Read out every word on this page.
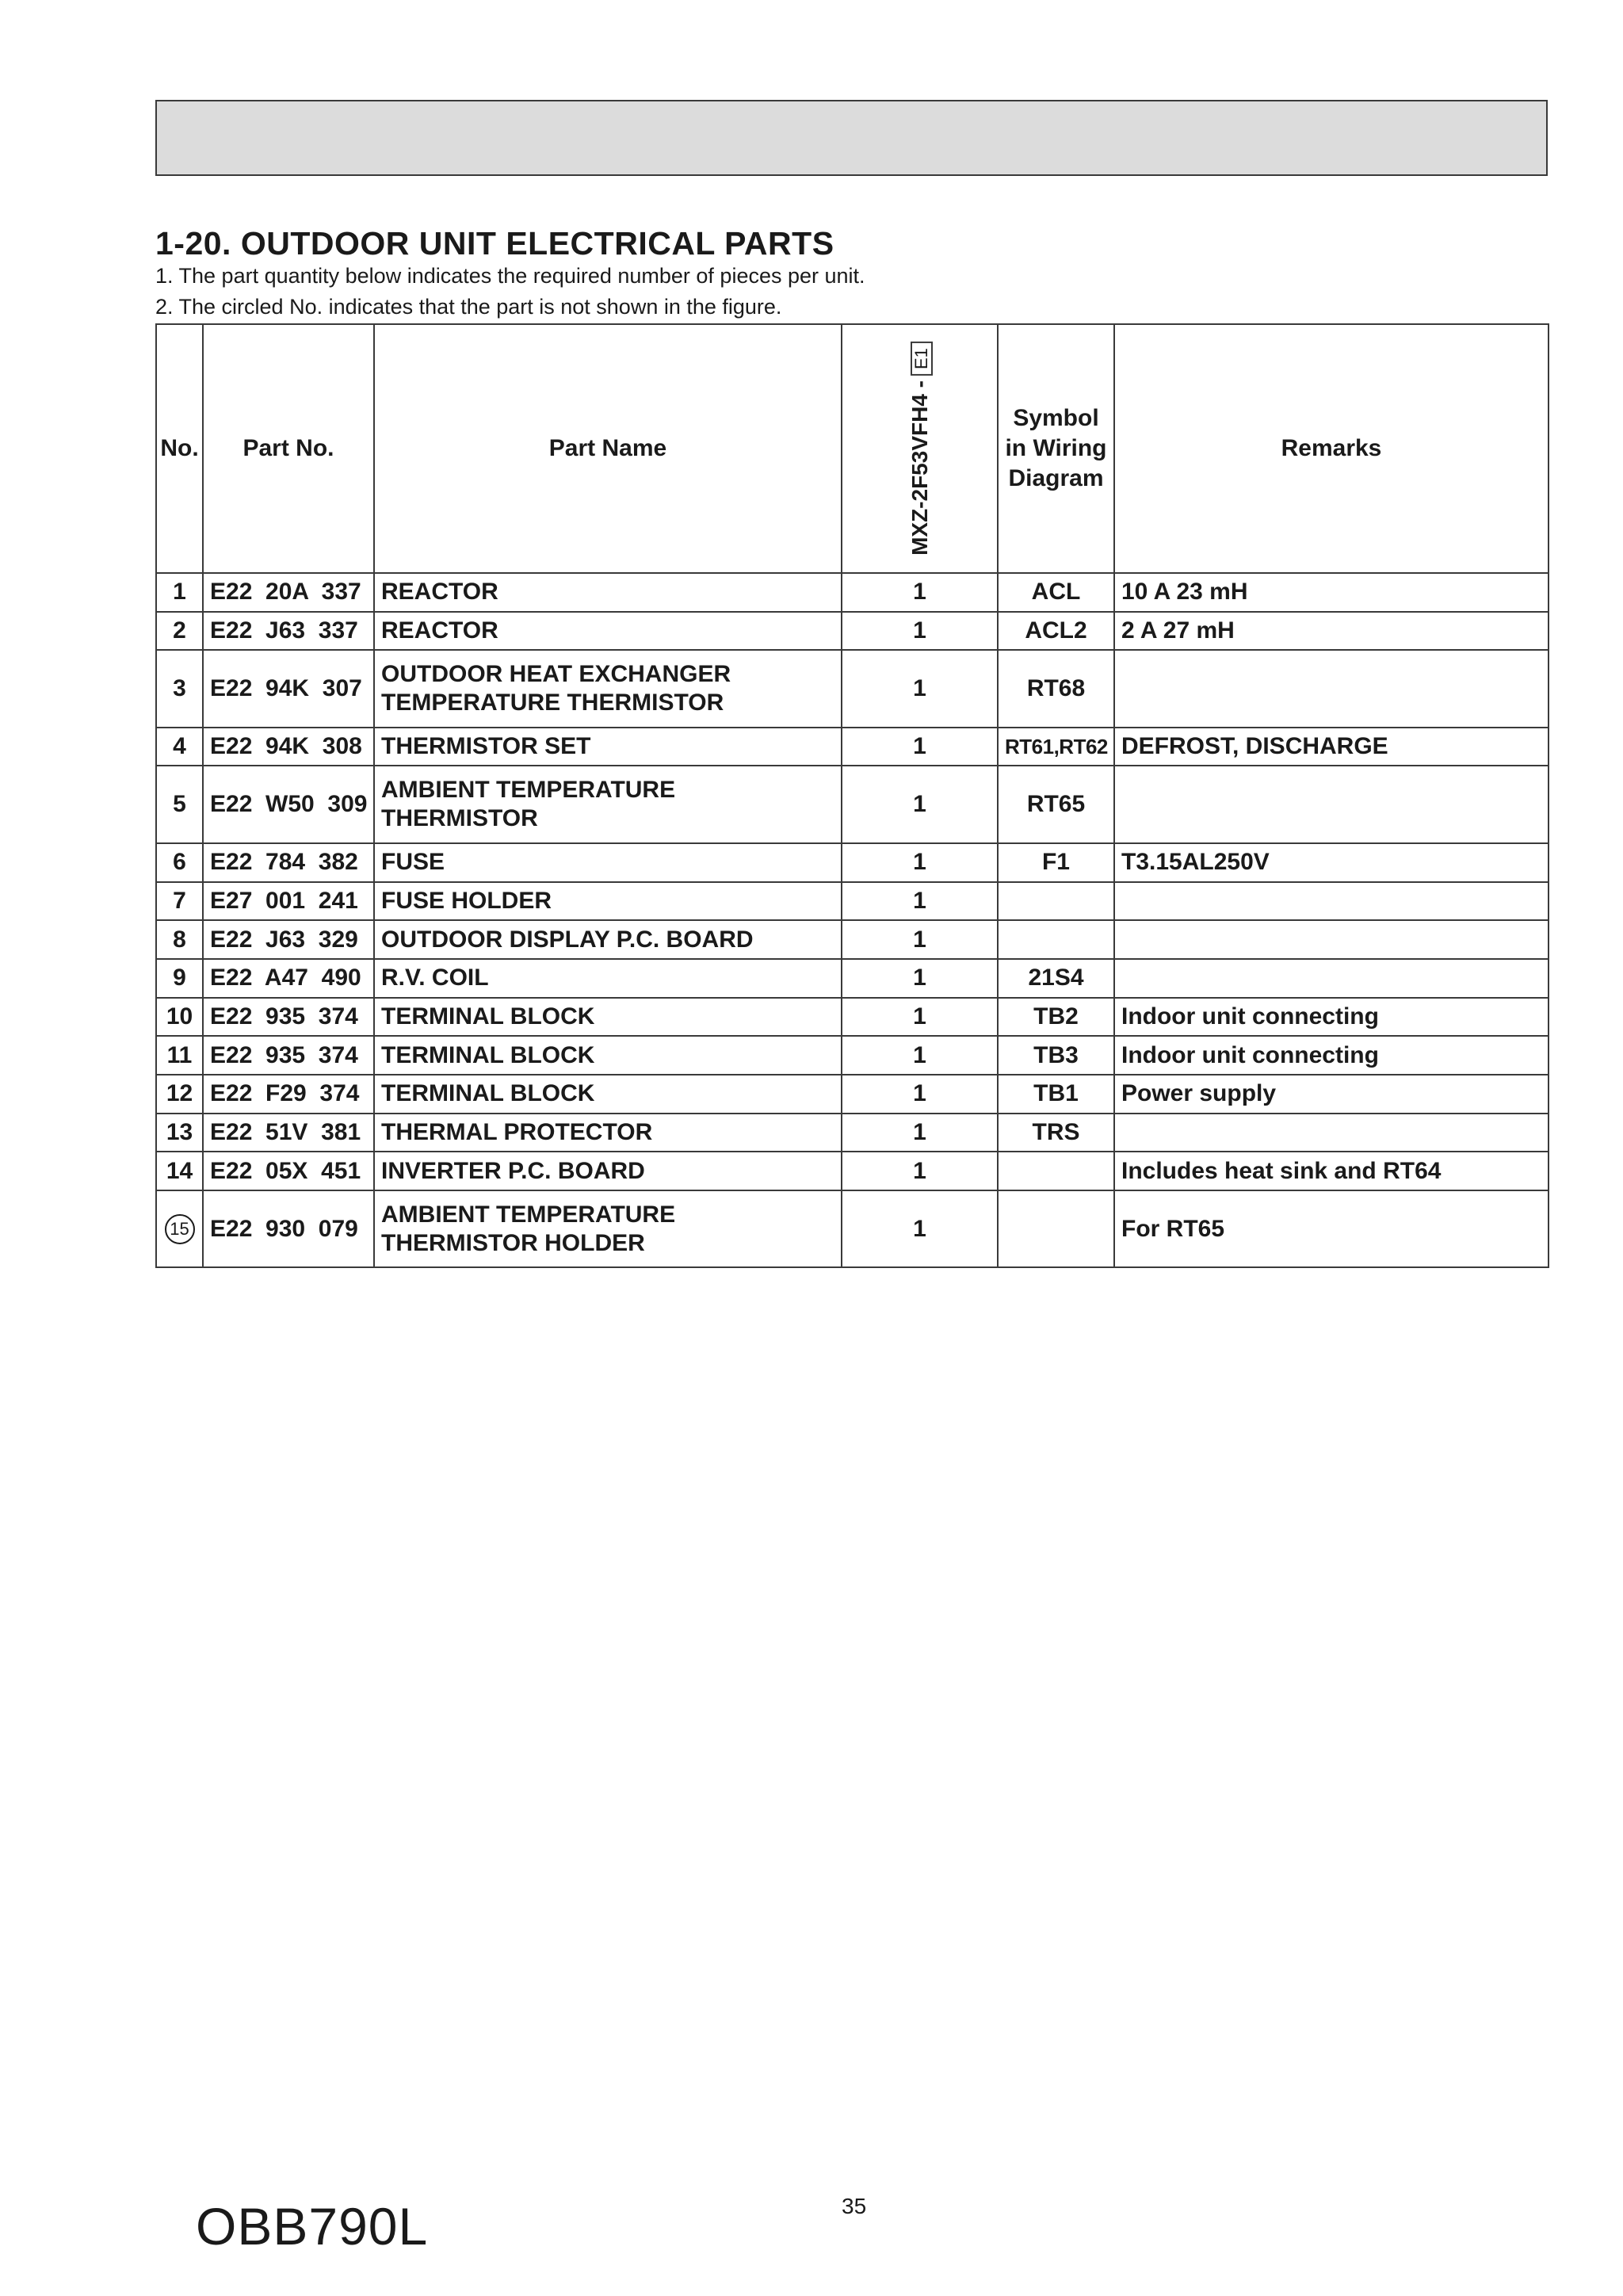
1-20. OUTDOOR UNIT ELECTRICAL PARTS
1. The part quantity below indicates the required number of pieces per unit.
2. The circled No. indicates that the part is not shown in the figure.
No.	Part No.	Part Name	MXZ-2F53VFH4 -E1	Symbol
in Wiring
Diagram	Remarks
1	E22  20A  337	REACTOR	1	ACL	10 A 23 mH
2	E22  J63  337	REACTOR	1	ACL2	2 A 27 mH
3	E22  94K  307	OUTDOOR HEAT EXCHANGER
TEMPERATURE THERMISTOR	1	RT68	
4	E22  94K  308	THERMISTOR SET	1	RT61,RT62	DEFROST, DISCHARGE
5	E22  W50  309	AMBIENT TEMPERATURE
THERMISTOR	1	RT65	
6	E22  784  382	FUSE	1	F1	T3.15AL250V
7	E27  001  241	FUSE HOLDER	1		
8	E22  J63  329	OUTDOOR DISPLAY P.C. BOARD	1		
9	E22  A47  490	R.V. COIL	1	21S4	
10	E22  935  374	TERMINAL BLOCK	1	TB2	Indoor unit connecting
11	E22  935  374	TERMINAL BLOCK	1	TB3	Indoor unit connecting
12	E22  F29  374	TERMINAL BLOCK	1	TB1	Power supply
13	E22  51V  381	THERMAL PROTECTOR	1	TRS	
14	E22  05X  451	INVERTER P.C. BOARD	1		Includes heat sink and RT64
15	E22  930  079	AMBIENT TEMPERATURE
THERMISTOR HOLDER	1		For RT65
35
OBB790L
